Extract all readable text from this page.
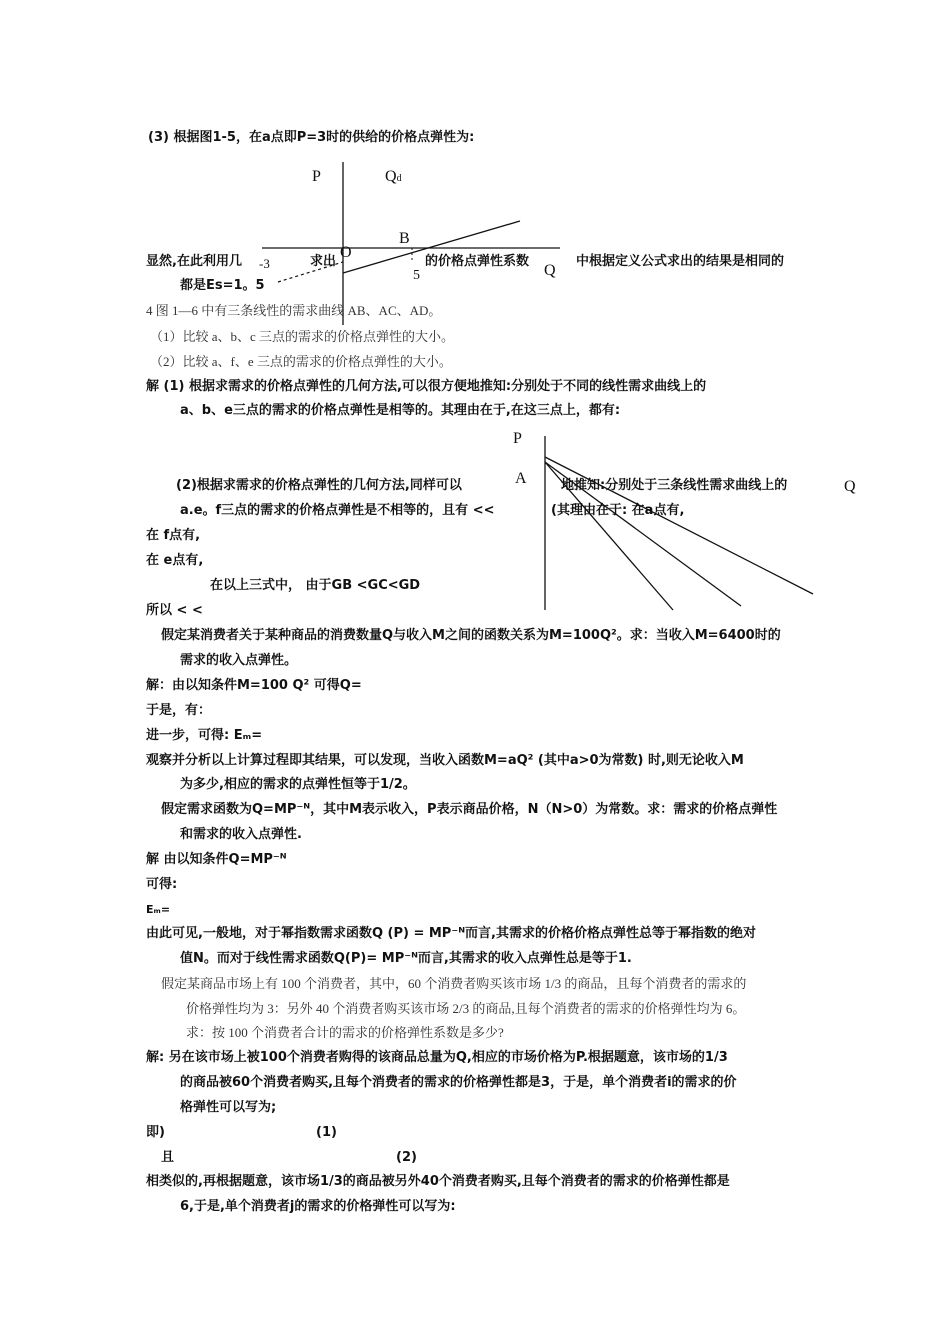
P	Qd
B
O
-3
5	Q
P
A	Q
(3) 根据图1-5，在a点即P=3时的供给的价格点弹性为:
显然,在此利用几	求出	的价格点弹性系数	中根据定义公式求出的结果是相同的
都是Es=1。5
4 图 1—6 中有三条线性的需求曲线 AB、AC、AD。
（1）比较 a、b、c 三点的需求的价格点弹性的大小。
（2）比较 a、f、e 三点的需求的价格点弹性的大小。
解 (1) 根据求需求的价格点弹性的几何方法,可以很方便地推知:分别处于不同的线性需求曲线上的
a、b、e三点的需求的价格点弹性是相等的。其理由在于,在这三点上，都有:
(2)根据求需求的价格点弹性的几何方法,同样可以	地推知:分别处于三条线性需求曲线上的
a.e。f三点的需求的价格点弹性是不相等的，且有 <<	(其理由在于: 在a点有,
在 f点有,
在 e点有,
在以上三式中， 由于GB <GC<GD
所以 < <
假定某消费者关于某种商品的消费数量Q与收入M之间的函数关系为M=100Q²。求：当收入M=6400时的
需求的收入点弹性。
解：由以知条件M=100 Q² 可得Q=
于是，有：
进一步，可得: Eₘ=
观察并分析以上计算过程即其结果，可以发现，当收入函数M=aQ² (其中a>0为常数) 时,则无论收入M
为多少,相应的需求的点弹性恒等于1/2。
假定需求函数为Q=MP⁻ᴺ，其中M表示收入，P表示商品价格，N（N>0）为常数。求：需求的价格点弹性
和需求的收入点弹性.
解 由以知条件Q=MP⁻ᴺ
可得:
Eₘ=
由此可见,一般地，对于幂指数需求函数Q (P) = MP⁻ᴺ而言,其需求的价格价格点弹性总等于幂指数的绝对
值N。而对于线性需求函数Q(P)= MP⁻ᴺ而言,其需求的收入点弹性总是等于1.
假定某商品市场上有 100 个消费者，其中，60 个消费者购买该市场 1/3 的商品，且每个消费者的需求的
价格弹性均为 3：另外 40 个消费者购买该市场 2/3 的商品,且每个消费者的需求的价格弹性均为 6。
求：按 100 个消费者合计的需求的价格弹性系数是多少?
解: 另在该市场上被100个消费者购得的该商品总量为Q,相应的市场价格为P.根据题意，该市场的1/3
的商品被60个消费者购买,且每个消费者的需求的价格弹性都是3，于是，单个消费者i的需求的价
格弹性可以写为;
即)	(1)
且	(2)
相类似的,再根据题意，该市场1/3的商品被另外40个消费者购买,且每个消费者的需求的价格弹性都是
6,于是,单个消费者j的需求的价格弹性可以写为:
